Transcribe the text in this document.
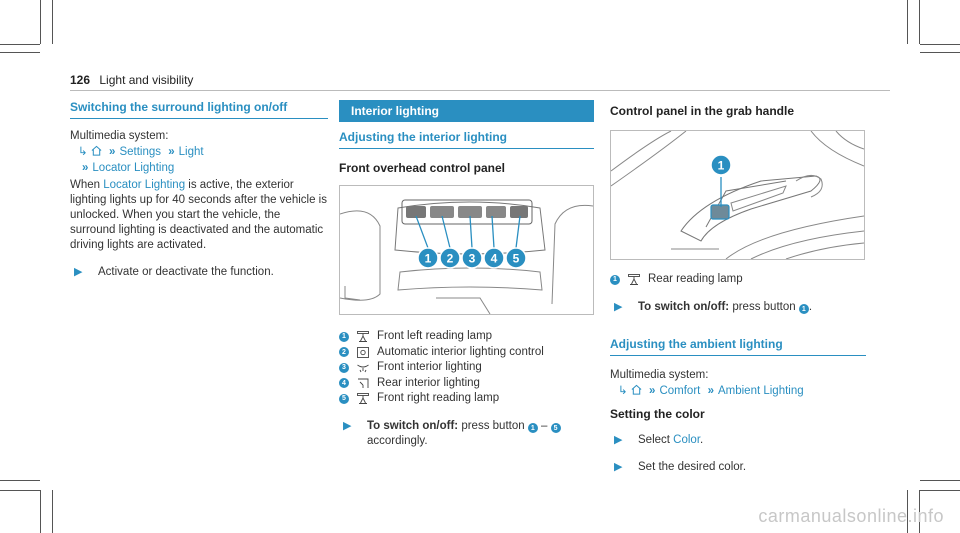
126 Light and visibility
Switching the surround lighting on/off

Multimedia system:

↳ » Settings » Light
» Locator Lighting

When Locator Lighting is active, the exterior lighting lights up for 40 seconds after the vehicle is unlocked. When you start the vehicle, the surround lighting is deactivated and the automatic driving lights are activated.

▶	Activate or deactivate the function.
Interior lighting
Adjusting the interior lighting
Front overhead control panel
1 2 3 4 5
1	Front left reading lamp
2	Automatic interior lighting control
3	Front interior lighting
4	Rear interior lighting
5	Front right reading lamp
▶	To switch on/off: press button 1 – 5
accordingly.
Control panel in the grab handle
1
1	Rear reading lamp
▶	To switch on/off: press button 1 .
Adjusting the ambient lighting

Multimedia system:

↳ » Comfort » Ambient Lighting
Setting the color
▶	Select Color.
▶	Set the desired color.
carmanualsonline.info
